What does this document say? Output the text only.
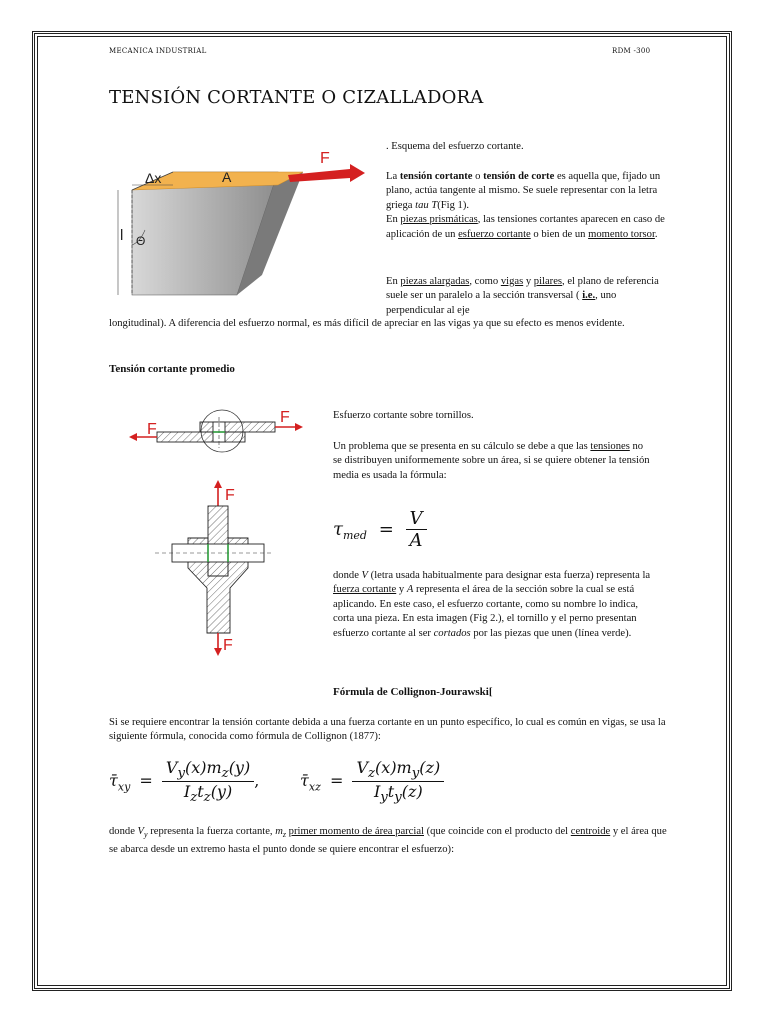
MECANICA INDUSTRIAL	RDM -300
TENSIÓN CORTANTE O CIZALLADORA
F
A
Δx
l Θ
. Esquema del esfuerzo cortante.
La tensión cortante o tensión de corte es aquella que, fijado un plano, actúa tangente al mismo. Se suele representar con la letra griega tau T(Fig 1).
En piezas prismáticas, las tensiones cortantes aparecen en caso de aplicación de un esfuerzo cortante o bien de un momento torsor.
En piezas alargadas, como vigas y pilares, el plano de referencia suele ser un paralelo a la sección transversal ( i.e., uno perpendicular al eje
longitudinal). A diferencia del esfuerzo normal, es más difícil de apreciar en las vigas ya que su efecto es menos evidente.
Tensión cortante promedio
F
F
F
F
Esfuerzo cortante sobre tornillos.
Un problema que se presenta en su cálculo se debe a que las tensiones no se distribuyen uniformemente sobre un área, si se quiere obtener la tensión media es usada la fórmula:
$\tau_{med} = \frac{V}{A}$
donde V (letra usada habitualmente para designar esta fuerza) representa la fuerza cortante y A representa el área de la sección sobre la cual se está aplicando. En este caso, el esfuerzo cortante, como su nombre lo indica, corta una pieza. En esta imagen (Fig 2.), el tornillo y el perno presentan esfuerzo cortante al ser cortados por las piezas que unen (línea verde).
Fórmula de Collignon-Jourawski[
Si se requiere encontrar la tensión cortante debida a una fuerza cortante en un punto específico, lo cual es común en vigas, se usa la siguiente fórmula, conocida como fórmula de Collignon (1877):
$\taū_{xy} = \frac{V_y(x)m_z(y)}{I_zt_z(y)}$ ,	$\taū_{xz} = \frac{V_z(x)m_y(z)}{I_yt_y(z)}$
donde $V_y$ representa la fuerza cortante, $m_z$ primer momento de área parcial (que coincide con el producto del centroide y el área que se abarca desde un extremo hasta el punto donde se quiere encontrar el esfuerzo):
